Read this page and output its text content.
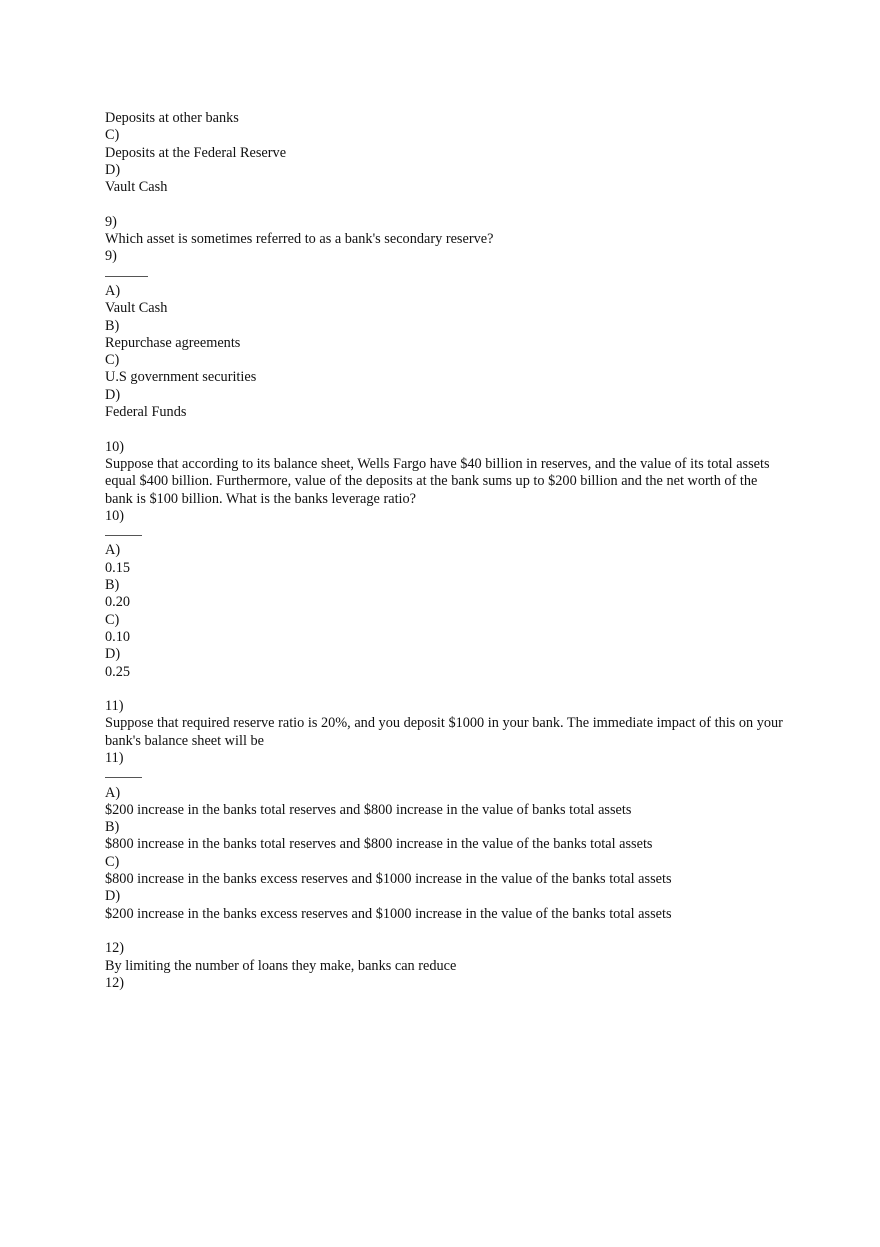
Deposits at other banks

C)

Deposits at the Federal Reserve

D)

Vault Cash

9)

Which asset is sometimes referred to as a bank's secondary reserve?

9)

A)

Vault Cash

B)

Repurchase agreements

C)

U.S government securities

D)

Federal Funds

10)

Suppose that according to its balance sheet, Wells Fargo have $40 billion in reserves, and the value of its total assets equal $400 billion. Furthermore, value of the deposits at the bank sums up to $200 billion and the net worth of the bank is $100 billion. What is the banks leverage ratio?

10)

A)

0.15

B)

0.20

C)

0.10

D)

0.25

11)

Suppose that required reserve ratio is 20%, and you deposit $1000 in your bank. The immediate impact of this on your bank's balance sheet will be

11)

A)

$200 increase in the banks total reserves and $800 increase in the value of banks total assets

B)

$800 increase in the banks total reserves and $800 increase in the value of the banks total assets

C)

$800 increase in the banks excess reserves and $1000 increase in the value of the banks total assets

D)

$200 increase in the banks excess reserves and $1000 increase in the value of the banks total assets

12)

By limiting the number of loans they make, banks can reduce

12)
